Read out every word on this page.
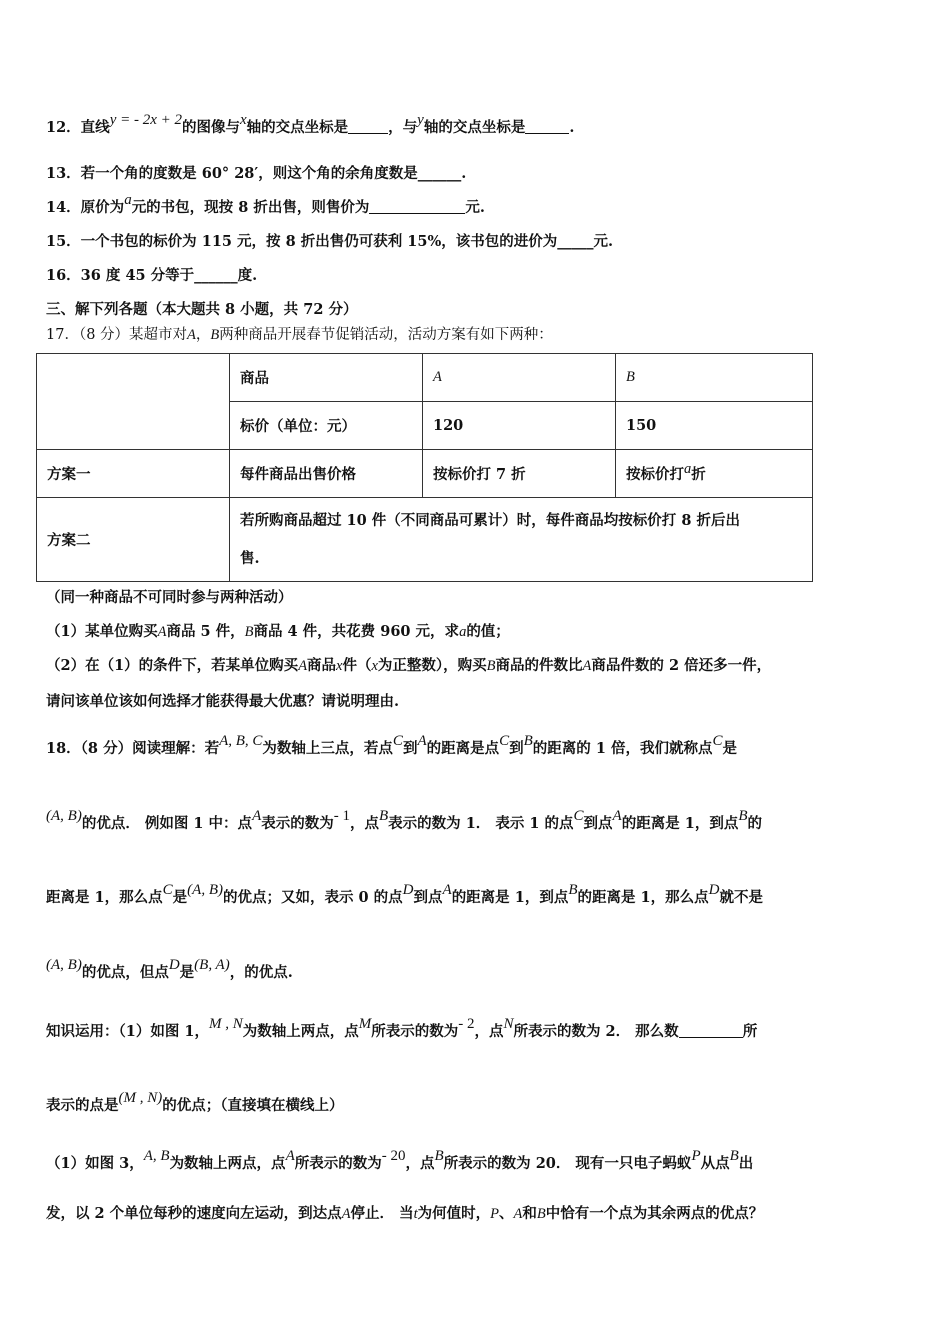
12．直线y = - 2x + 2的图像与x轴的交点坐标是	，与y轴的交点坐标是	.
13．若一个角的度数是 60° 28′，则这个角的余角度数是______.
14．原价为a元的书包，现按 8 折出售，则售价为	元.
15．一个书包的标价为 115 元，按 8 折出售仍可获利 15%，该书包的进价为_____元.
16．36 度 45 分等于______度.
三、解下列各题（本大题共 8 小题，共 72 分）
17．（8 分）某超市对A，B两种商品开展春节促销活动，活动方案有如下两种：
	商品	A	B
	标价（单位：元）	120	150
方案一	每件商品出售价格	按标价打 7 折	按标价打a折
方案二	若所购商品超过 10 件（不同商品可累计）时，每件商品均按标价打 8 折后出
售.		
（同一种商品不可同时参与两种活动）
（1）某单位购买A商品 5 件，B商品 4 件，共花费 960 元，求a的值；
（2）在（1）的条件下，若某单位购买A商品x件（x为正整数），购买B商品的件数比A商品件数的 2 倍还多一件，
请问该单位该如何选择才能获得最大优惠？请说明理由.
18．（8 分）阅读理解：若A, B, C为数轴上三点，若点C到A的距离是点C到B的距离的 1 倍，我们就称点C是
(A, B)的优点． 例如图 1 中：点A表示的数为- 1，点B表示的数为 1． 表示 1 的点C到点A的距离是 1，到点B的
距离是 1，那么点C是(A, B)的优点；又如，表示 0 的点D到点A的距离是 1，到点B的距离是 1，那么点D就不是
(A, B)的优点，但点D是(B, A)，的优点.
知识运用：（1）如图 1，M , N为数轴上两点，点M所表示的数为- 2，点N所表示的数为 2． 那么数	所
表示的点是(M , N)的优点；（直接填在横线上）
（1）如图 3，A, B为数轴上两点，点A所表示的数为- 20，点B所表示的数为 20． 现有一只电子蚂蚁P从点B出
发，以 2 个单位每秒的速度向左运动，到达点A停止． 当t为何值时，P、A和B中恰有一个点为其余两点的优点？
